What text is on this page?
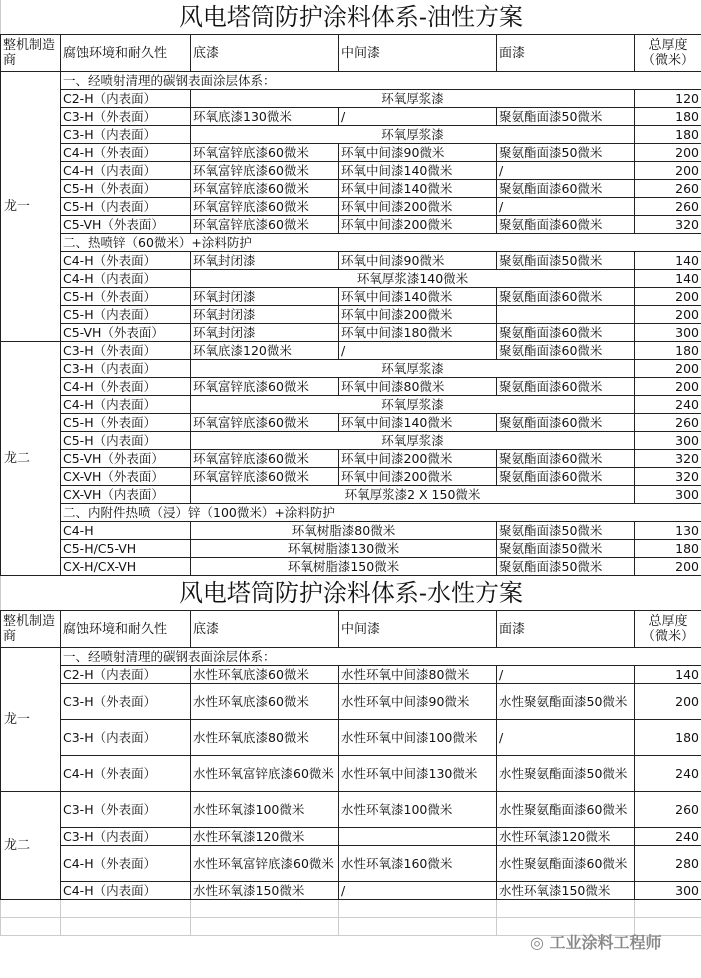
风电塔筒防护涂料体系-油性方案
整机制造商	腐蚀环境和耐久性	底漆	中间漆	面漆	总厚度（微米）
龙一	一、经喷射清理的碳钢表面涂层体系：				
	C2-H（内表面）	环氧厚浆漆			120
	C3-H（外表面）	环氧底漆130微米	/	聚氨酯面漆50微米	180
	C3-H（内表面）	环氧厚浆漆			180
	C4-H（外表面）	环氧富锌底漆60微米	环氧中间漆90微米	聚氨酯面漆50微米	200
	C4-H（内表面）	环氧富锌底漆60微米	环氧中间漆140微米	/	200
	C5-H（外表面）	环氧富锌底漆60微米	环氧中间漆140微米	聚氨酯面漆60微米	260
	C5-H（内表面）	环氧富锌底漆60微米	环氧中间漆200微米	/	260
	C5-VH（外表面）	环氧富锌底漆60微米	环氧中间漆200微米	聚氨酯面漆60微米	320
	二、热喷锌（60微米）+涂料防护				
	C4-H（外表面）	环氧封闭漆	环氧中间漆90微米	聚氨酯面漆50微米	140
	C4-H（内表面）	环氧厚浆漆140微米			140
	C5-H（外表面）	环氧封闭漆	环氧中间漆140微米	聚氨酯面漆60微米	200
	C5-H（内表面）	环氧封闭漆	环氧中间漆200微米		200
	C5-VH（外表面）	环氧封闭漆	环氧中间漆180微米	聚氨酯面漆60微米	300
龙二	C3-H（外表面）	环氧底漆120微米	/	聚氨酯面漆60微米	180
	C3-H（内表面）	环氧厚浆漆			200
	C4-H（外表面）	环氧富锌底漆60微米	环氧中间漆80微米	聚氨酯面漆60微米	200
	C4-H（内表面）	环氧厚浆漆			240
	C5-H（外表面）	环氧富锌底漆60微米	环氧中间漆140微米	聚氨酯面漆60微米	260
	C5-H（内表面）	环氧厚浆漆			300
	C5-VH（外表面）	环氧富锌底漆60微米	环氧中间漆200微米	聚氨酯面漆60微米	320
	CX-VH（外表面）	环氧富锌底漆60微米	环氧中间漆200微米	聚氨酯面漆60微米	320
	CX-VH（内表面）	环氧厚浆漆2 X 150微米			300
	二、内附件热喷（浸）锌（100微米）+涂料防护				
	C4-H	环氧树脂漆80微米		聚氨酯面漆50微米	130
	C5-H/C5-VH	环氧树脂漆130微米		聚氨酯面漆50微米	180
	CX-H/CX-VH	环氧树脂漆150微米		聚氨酯面漆50微米	200
风电塔筒防护涂料体系-水性方案
整机制造商	腐蚀环境和耐久性	底漆	中间漆	面漆	总厚度（微米）
龙一	一、经喷射清理的碳钢表面涂层体系：				
	C2-H（内表面）	水性环氧底漆60微米	水性环氧中间漆80微米	/	140
	C3-H（外表面）	水性环氧底漆60微米	水性环氧中间漆90微米	水性聚氨酯面漆50微米	200
	C3-H（内表面）	水性环氧底漆80微米	水性环氧中间漆100微米	/	180
	C4-H（外表面）	水性环氧富锌底漆60微米	水性环氧中间漆130微米	水性聚氨酯面漆50微米	240
龙二	C3-H（外表面）	水性环氧漆100微米	水性环氧漆100微米	水性聚氨酯面漆60微米	260
	C3-H（内表面）	水性环氧漆120微米		水性环氧漆120微米	240
	C4-H（外表面）	水性环氧富锌底漆60微米	水性环氧漆160微米	水性聚氨酯面漆60微米	280
	C4-H（内表面）	水性环氧漆150微米	/	水性环氧漆150微米	300

◎ 工业涂料工程师
